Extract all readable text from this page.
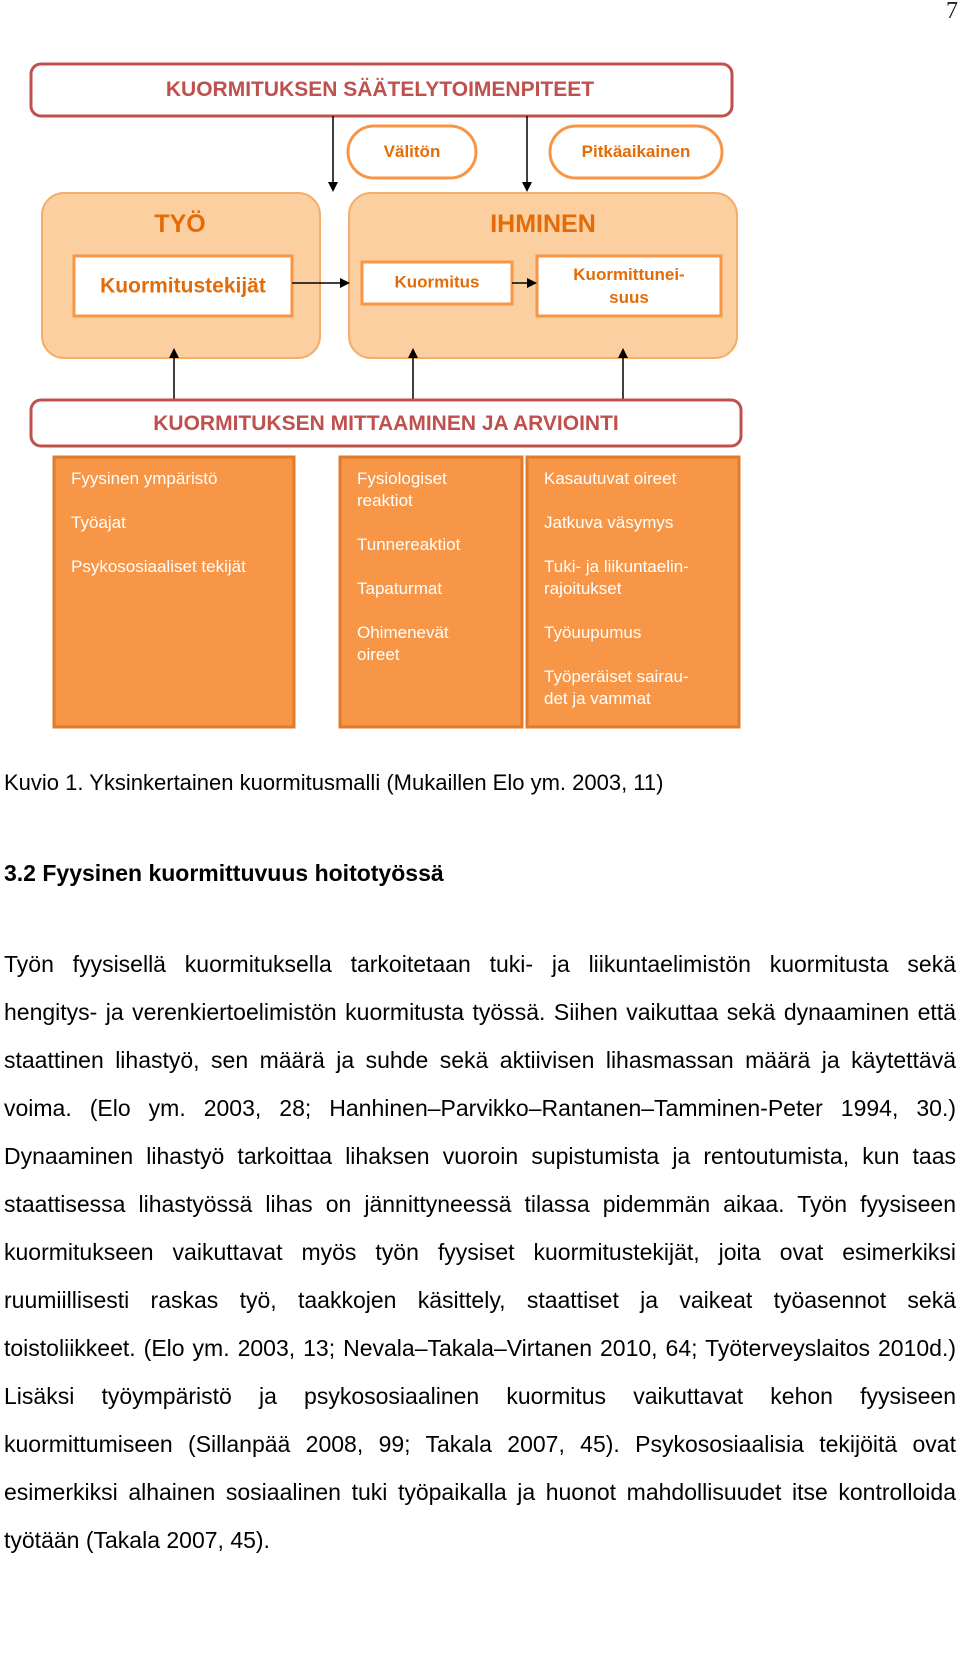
7
KUORMITUKSEN SÄÄTELYTOIMENPITEET
Välitön	Pitkäaikainen
TYÖ
Kuormitustekijät
IHMINEN
Kuormitus	Kuormittunei-
suus
KUORMITUKSEN MITTAAMINEN JA ARVIOINTI
Fyysinen ympäristö
Työajat
Psykososiaaliset tekijät
Fysiologiset
reaktiot
Tunnereaktiot
Tapaturmat
Ohimenevät
oireet
Kasautuvat oireet
Jatkuva väsymys
Tuki- ja liikuntaelin-
rajoitukset
Työuupumus
Työperäiset sairau-
det ja vammat
Kuvio 1. Yksinkertainen kuormitusmalli (Mukaillen Elo ym. 2003, 11)
3.2 Fyysinen kuormittuvuus hoitotyössä
Työn fyysisellä kuormituksella tarkoitetaan tuki- ja liikuntaelimistön kuormitusta sekä hengitys- ja verenkiertoelimistön kuormitusta työssä. Siihen vaikuttaa sekä dynaaminen että staattinen lihastyö, sen määrä ja suhde sekä aktiivisen lihasmassan määrä ja käytettävä voima. (Elo ym. 2003, 28; Hanhinen–Parvikko–Rantanen–Tamminen-Peter 1994, 30.) Dynaaminen lihastyö tarkoittaa lihaksen vuoroin supistumista ja rentoutumista, kun taas staattisessa lihastyössä lihas on jännittyneessä tilassa pidemmän aikaa. Työn fyysiseen kuormitukseen vaikuttavat myös työn fyysiset kuormitustekijät, joita ovat esimerkiksi ruumiillisesti raskas työ, taakkojen käsittely, staattiset ja vaikeat työasennot sekä toistoliikkeet. (Elo ym. 2003, 13; Nevala–Takala–Virtanen 2010, 64; Työterveyslaitos 2010d.) Lisäksi työympäristö ja psykososiaalinen kuormitus vaikuttavat kehon fyysiseen kuormittumiseen (Sillanpää 2008, 99; Takala 2007, 45). Psykososiaalisia tekijöitä ovat esimerkiksi alhainen sosiaalinen tuki työpaikalla ja huonot mahdollisuudet itse kontrolloida työtään (Takala 2007, 45).
